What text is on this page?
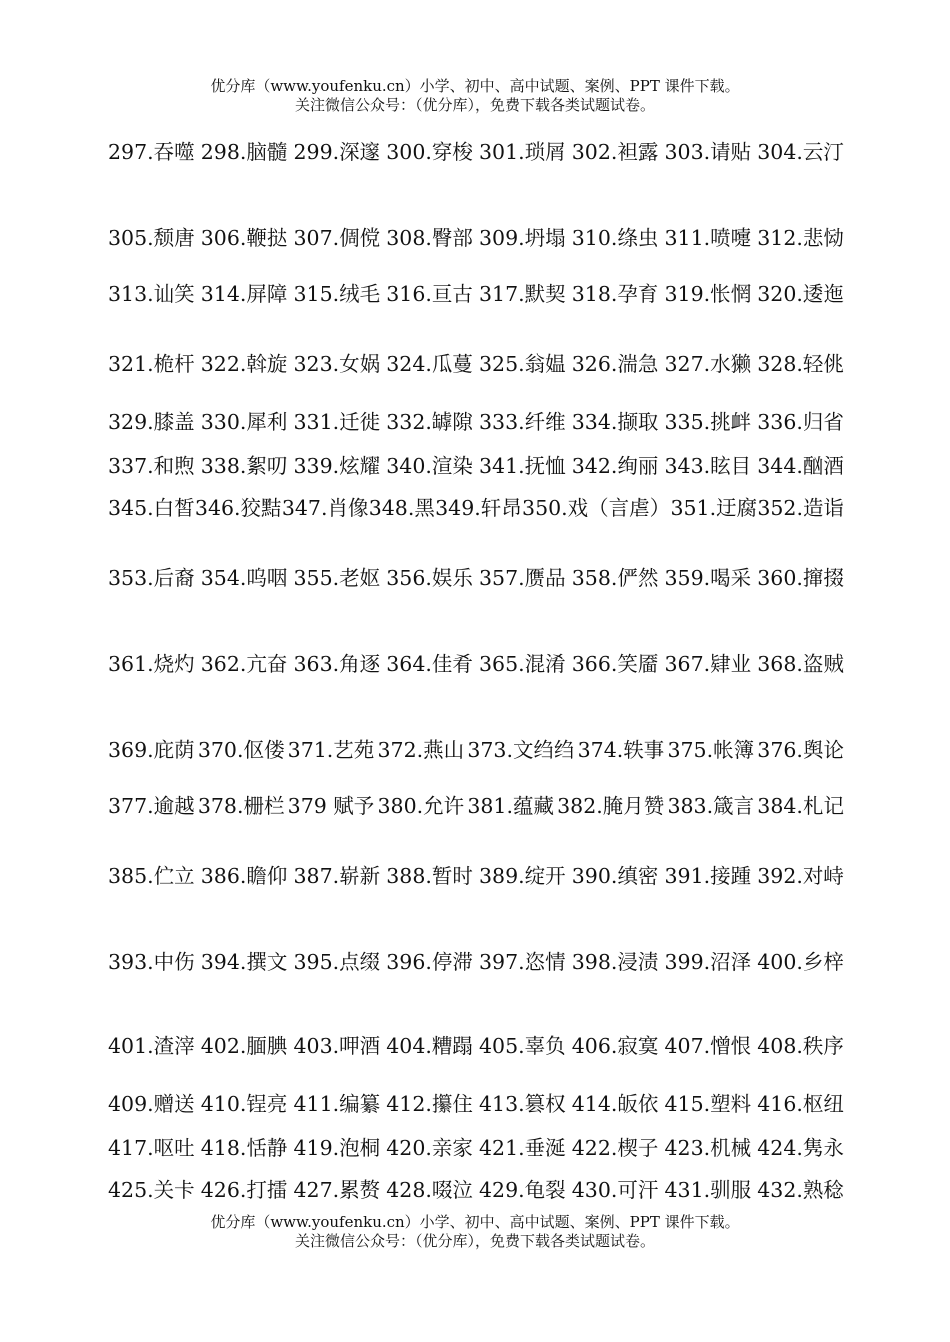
优分库（www.youfenku.cn）小学、初中、高中试题、案例、PPT 课件下载。
关注微信公众号：（优分库），免费下载各类试题试卷。
297.吞噬 298.脑髓 299.深邃 300.穿梭 301.琐屑 302.袒露 303.请贴 304.云汀
305.颓唐 306.鞭挞 307.倜傥 308.臀部 309.坍塌 310.绦虫 311.喷嚏 312.悲恸
313.讪笑 314.屏障 315.绒毛 316.亘古 317.默契 318.孕育 319.怅惘 320.逶迤
321.桅杆 322.斡旋 323.女娲 324.瓜蔓 325.翁媪 326.湍急 327.水獭 328.轻佻
329.膝盖 330.犀利 331.迁徙 332.罅隙 333.纤维 334.撷取 335.挑衅 336.归省
337.和煦 338.絮叨 339.炫耀 340.渲染 341.抚恤 342.绚丽 343.眩目 344.酗酒
345.白皙 346.狡黠 347.肖像 348.黑 349.轩昂 350.戏（言虐） 351.迂腐 352.造诣
353.后裔 354.呜咽 355.老妪 356.娱乐 357.赝品 358.俨然 359.喝采 360.撺掇
361.烧灼 362.亢奋 363.角逐 364.佳肴 365.混淆 366.笑靥 367.肄业 368.盗贼
369.庇荫 370.伛偻 371.艺苑 372.燕山 373.文绉绉 374.轶事 375.帐簿 376.舆论
377.逾越 378.栅栏 379 赋予 380.允许 381.蕴藏 382.腌月赞 383.箴言 384.札记
385.伫立 386.瞻仰 387.崭新 388.暂时 389.绽开 390.缜密 391.接踵 392.对峙
393.中伤 394.撰文 395.点缀 396.停滞 397.恣情 398.浸渍 399.沼泽 400.乡梓
401.渣滓 402.腼腆 403.呷酒 404.糟蹋 405.辜负 406.寂寞 407.憎恨 408.秩序
409.赠送 410.锃亮 411.编纂 412.攥住 413.篡权 414.皈依 415.塑料 416.枢纽
417.呕吐 418.恬静 419.泡桐 420.亲家 421.垂涎 422.楔子 423.机械 424.隽永
425.关卡 426.打擂 427.累赘 428.啜泣 429.龟裂 430.可汗 431.驯服 432.熟稔
优分库（www.youfenku.cn）小学、初中、高中试题、案例、PPT 课件下载。
关注微信公众号：（优分库），免费下载各类试题试卷。
